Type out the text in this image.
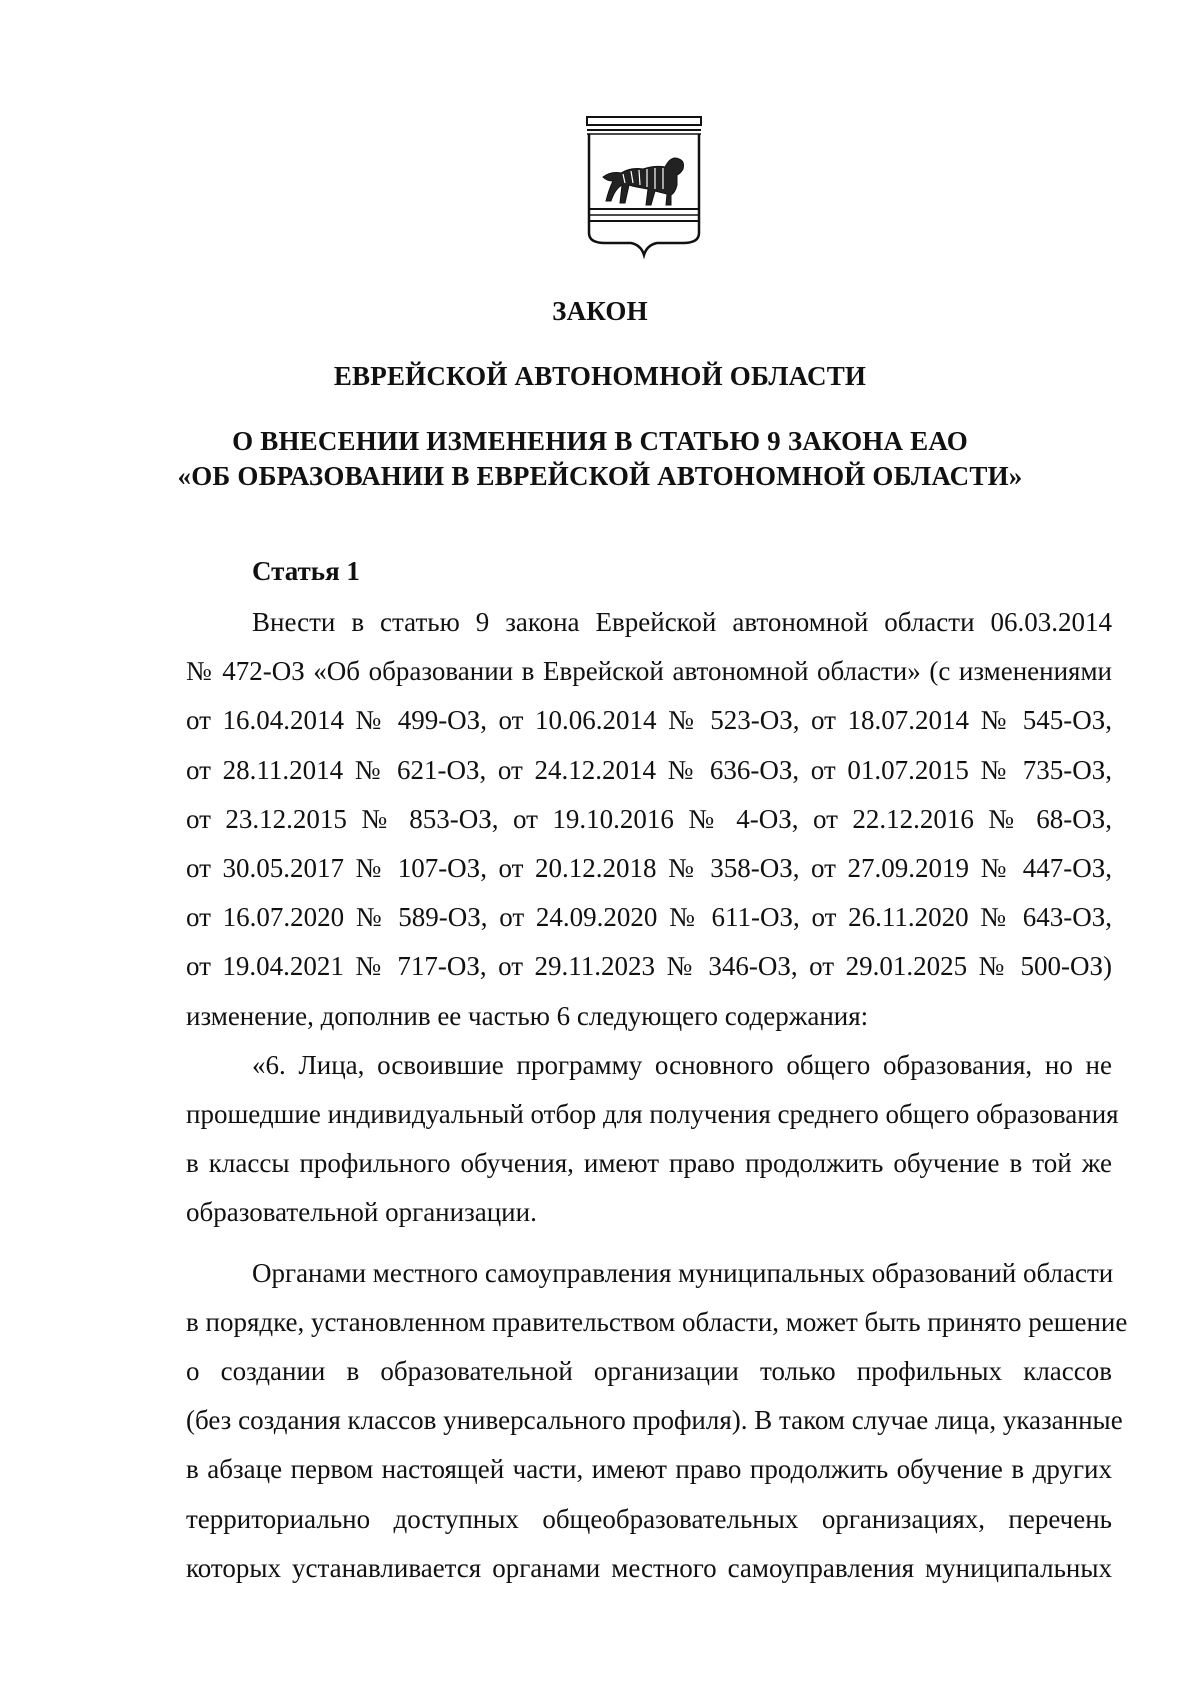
ЗАКОН
ЕВРЕЙСКОЙ АВТОНОМНОЙ ОБЛАСТИ
О ВНЕСЕНИИ ИЗМЕНЕНИЯ В СТАТЬЮ 9 ЗАКОНА ЕАО
«ОБ ОБРАЗОВАНИИ В ЕВРЕЙСКОЙ АВТОНОМНОЙ ОБЛАСТИ»
Статья 1

Внести в статью 9 закона Еврейской автономной области 06.03.2014
№ 472-ОЗ «Об образовании в Еврейской автономной области» (с изменениями
от 16.04.2014 № 499-ОЗ, от 10.06.2014 № 523-ОЗ, от 18.07.2014 № 545-ОЗ,
от 28.11.2014 № 621-ОЗ, от 24.12.2014 № 636-ОЗ, от 01.07.2015 № 735-ОЗ,
от 23.12.2015 № 853-ОЗ, от 19.10.2016 № 4-ОЗ, от 22.12.2016 № 68-ОЗ,
от 30.05.2017 № 107-ОЗ, от 20.12.2018 № 358-ОЗ, от 27.09.2019 № 447-ОЗ,
от 16.07.2020 № 589-ОЗ, от 24.09.2020 № 611-ОЗ, от 26.11.2020 № 643-ОЗ,
от 19.04.2021 № 717-ОЗ, от 29.11.2023 № 346-ОЗ, от 29.01.2025 № 500-ОЗ)
изменение, дополнив ее частью 6 следующего содержания:

«6. Лица, освоившие программу основного общего образования, но не
прошедшие индивидуальный отбор для получения среднего общего образования
в классы профильного обучения, имеют право продолжить обучение в той же
образовательной организации.

Органами местного самоуправления муниципальных образований области
в порядке, установленном правительством области, может быть принято решение
о создании в образовательной организации только профильных классов
(без создания классов универсального профиля). В таком случае лица, указанные
в абзаце первом настоящей части, имеют право продолжить обучение в других
территориально доступных общеобразовательных организациях, перечень
которых устанавливается органами местного самоуправления муниципальных
